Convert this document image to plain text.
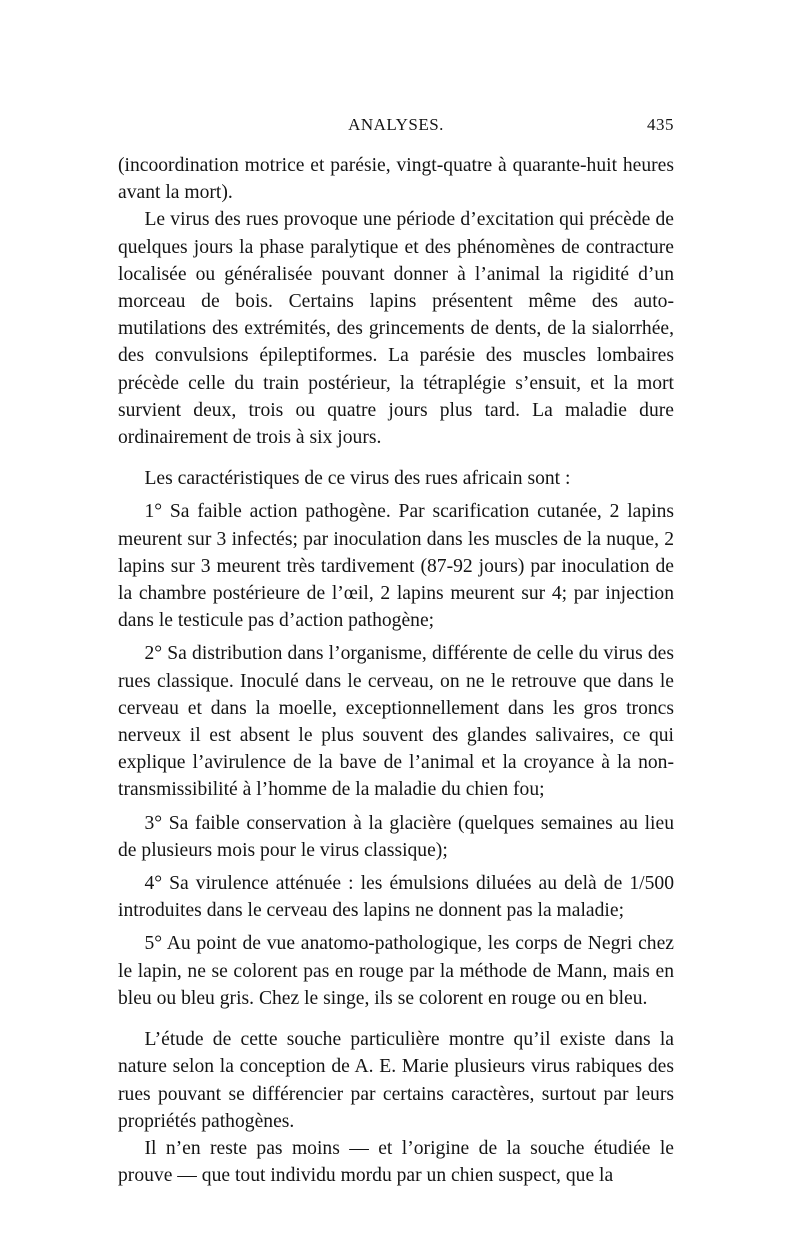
ANALYSES.	435

(incoordination motrice et parésie, vingt-quatre à quarante-huit heures avant la mort).

Le virus des rues provoque une période d’excitation qui précède de quelques jours la phase paralytique et des phénomènes de contracture localisée ou généralisée pouvant donner à l’animal la rigidité d’un morceau de bois. Certains lapins présentent même des auto-mutilations des extrémités, des grincements de dents, de la sialorrhée, des convulsions épileptiformes. La parésie des muscles lombaires précède celle du train postérieur, la tétraplégie s’ensuit, et la mort survient deux, trois ou quatre jours plus tard. La maladie dure ordinairement de trois à six jours.

Les caractéristiques de ce virus des rues africain sont :

1° Sa faible action pathogène. Par scarification cutanée, 2 lapins meurent sur 3 infectés; par inoculation dans les muscles de la nuque, 2 lapins sur 3 meurent très tardivement (87-92 jours) par inoculation de la chambre postérieure de l’œil, 2 lapins meurent sur 4; par injection dans le testicule pas d’action pathogène;

2° Sa distribution dans l’organisme, différente de celle du virus des rues classique. Inoculé dans le cerveau, on ne le retrouve que dans le cerveau et dans la moelle, exceptionnellement dans les gros troncs nerveux il est absent le plus souvent des glandes salivaires, ce qui explique l’avirulence de la bave de l’animal et la croyance à la non-transmissibilité à l’homme de la maladie du chien fou;

3° Sa faible conservation à la glacière (quelques semaines au lieu de plusieurs mois pour le virus classique);

4° Sa virulence atténuée : les émulsions diluées au delà de 1/500 introduites dans le cerveau des lapins ne donnent pas la maladie;

5° Au point de vue anatomo-pathologique, les corps de Negri chez le lapin, ne se colorent pas en rouge par la méthode de Mann, mais en bleu ou bleu gris. Chez le singe, ils se colorent en rouge ou en bleu.

L’étude de cette souche particulière montre qu’il existe dans la nature selon la conception de A. E. Marie plusieurs virus rabiques des rues pouvant se différencier par certains caractères, surtout par leurs propriétés pathogènes.

Il n’en reste pas moins — et l’origine de la souche étudiée le prouve — que tout individu mordu par un chien suspect, que la
